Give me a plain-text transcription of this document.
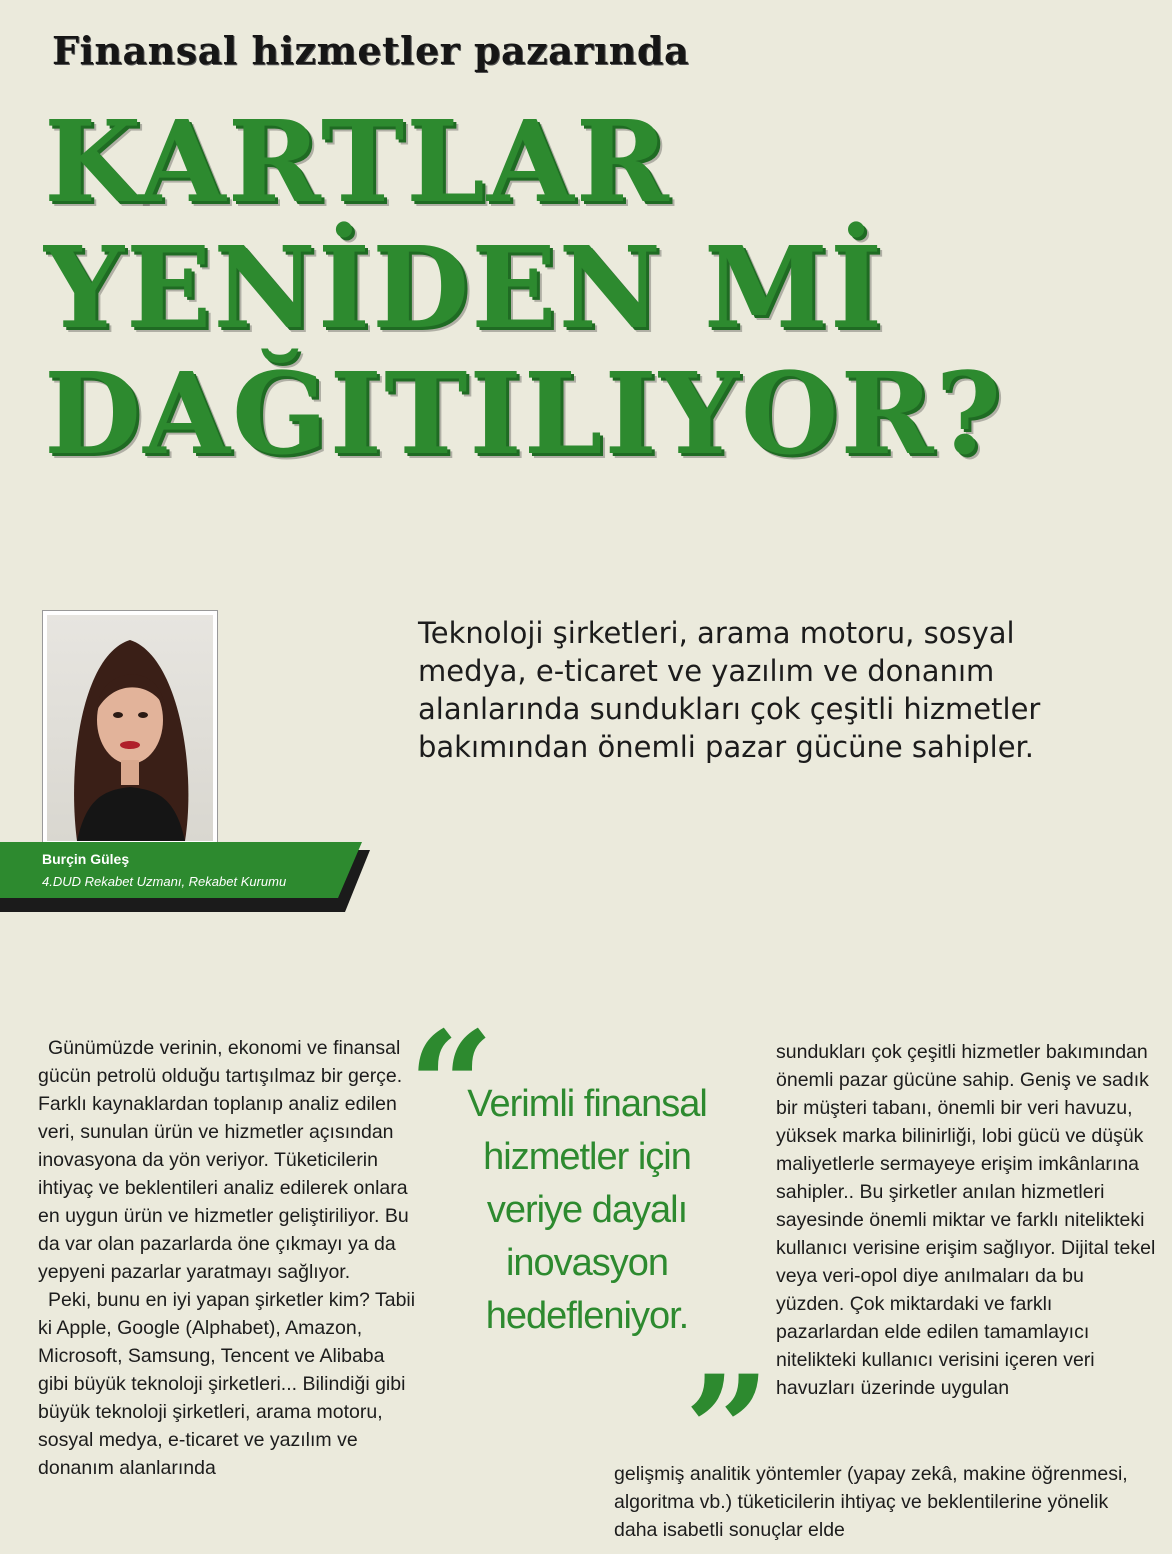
Finansal hizmetler pazarında
KARTLAR
YENİDEN Mİ
DAĞITILIYOR?
Burçin Güleş
4.DUD Rekabet Uzmanı, Rekabet Kurumu

Teknoloji şirketleri, arama motoru, sosyal medya, e-ticaret ve yazılım ve donanım alanlarında sundukları çok çeşitli hizmetler bakımından önemli pazar gücüne sahipler.

Günümüzde verinin, ekonomi ve finansal gücün petrolü olduğu tartışılmaz bir gerçe. Farklı kaynaklardan toplanıp analiz edilen veri, sunulan ürün ve hizmetler açısından inovasyona da yön veriyor. Tüketicilerin ihtiyaç ve beklentileri analiz edilerek onlara en uygun ürün ve hizmetler geliştiriliyor. Bu da var olan pazarlarda öne çıkmayı ya da yepyeni pazarlar yaratmayı sağlıyor.

Peki, bunu en iyi yapan şirketler kim? Tabii ki Apple, Google (Alphabet), Amazon, Microsoft, Samsung, Tencent ve Alibaba gibi büyük teknoloji şirketleri... Bilindiği gibi büyük teknoloji şirketleri, arama motoru, sosyal medya, e-ticaret ve yazılım ve donanım alanlarında

“
Verimli finansal hizmetler için veriye dayalı inovasyon hedefleniyor.
”

sundukları çok çeşitli hizmetler bakımından önemli pazar gücüne sahip. Geniş ve sadık bir müşteri tabanı, önemli bir veri havuzu, yüksek marka bilinirliği, lobi gücü ve düşük maliyetlerle sermayeye erişim imkânlarına sahipler.. Bu şirketler anılan hizmetleri sayesinde önemli miktar ve farklı nitelikteki kullanıcı verisine erişim sağlıyor. Dijital tekel veya veri-opol diye anılmaları da bu yüzden. Çok miktardaki ve farklı pazarlardan elde edilen tamamlayıcı nitelikteki kullanıcı verisini içeren veri havuzları üzerinde uygulan

gelişmiş analitik yöntemler (yapay zekâ, makine öğrenmesi, algoritma vb.) tüketicilerin ihtiyaç ve beklentilerine yönelik daha isabetli sonuçlar elde
